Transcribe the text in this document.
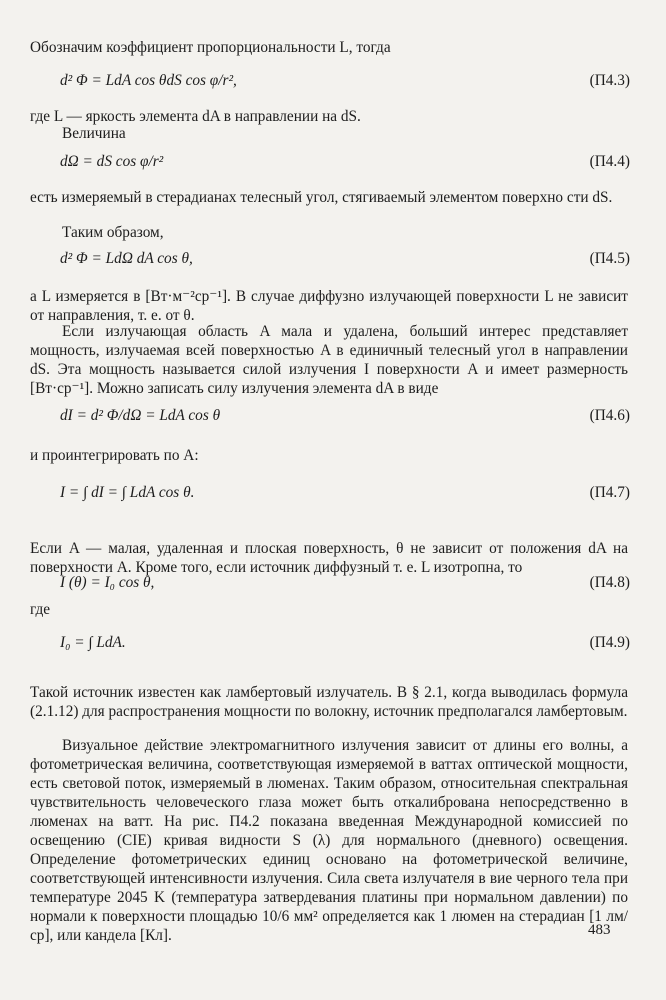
Обозначим коэффициент пропорциональности L, тогда

d² Φ = LdA cos θdS cos φ/r²,	(П4.3)

где L — яркость элемента dA в направлении на dS.

Величина

dΩ = dS cos φ/r²	(П4.4)

есть измеряемый в стерадианах телесный угол, стягиваемый элементом поверхно сти dS.

Таким образом,

d² Φ = LdΩ dA cos θ,	(П4.5)

а L измеряется в [Вт·м⁻²ср⁻¹]. В случае диффузно излучающей поверхности L не зависит от направления, т. е. от θ.

Если излучающая область A мала и удалена, больший интерес представляет мощность, излучаемая всей поверхностью A в единичный телесный угол в направлении dS. Эта мощность называется силой излучения I поверхности A и имеет размерность [Вт·ср⁻¹]. Можно записать силу излучения элемента dA в виде

dI = d² Φ/dΩ = LdA cos θ	(П4.6)

и проинтегрировать по A:

I = ∫ dI = ∫ LdA cos θ.	(П4.7)

Если A — малая, удаленная и плоская поверхность, θ не зависит от положения dA на поверхности A. Кроме того, если источник диффузный т. е. L изотропна, то

I (θ) = I₀ cos θ,	(П4.8)

где

I₀ = ∫ LdA.	(П4.9)

Такой источник известен как ламбертовый излучатель. В § 2.1, когда выводилась формула (2.1.12) для распространения мощности по волокну, источник предполагался ламбертовым.

Визуальное действие электромагнитного излучения зависит от длины его волны, а фотометрическая величина, соответствующая измеряемой в ваттах оптической мощности, есть световой поток, измеряемый в люменах. Таким образом, относительная спектральная чувствительность человеческого глаза может быть откалибрована непосредственно в люменах на ватт. На рис. П4.2 показана введенная Международной комиссией по освещению (CIE) кривая видности S (λ) для нормального (дневного) освещения. Определение фотометрических единиц основано на фотометрической величине, соответствующей интенсивности излучения. Сила света излучателя в вие черного тела при температуре 2045 K (температура затвердевания платины при нормальном давлении) по нормали к поверхности площадью 10/6 мм² определяется как 1 люмен на стерадиан [1 лм/ср], или кандела [Кл].	483
